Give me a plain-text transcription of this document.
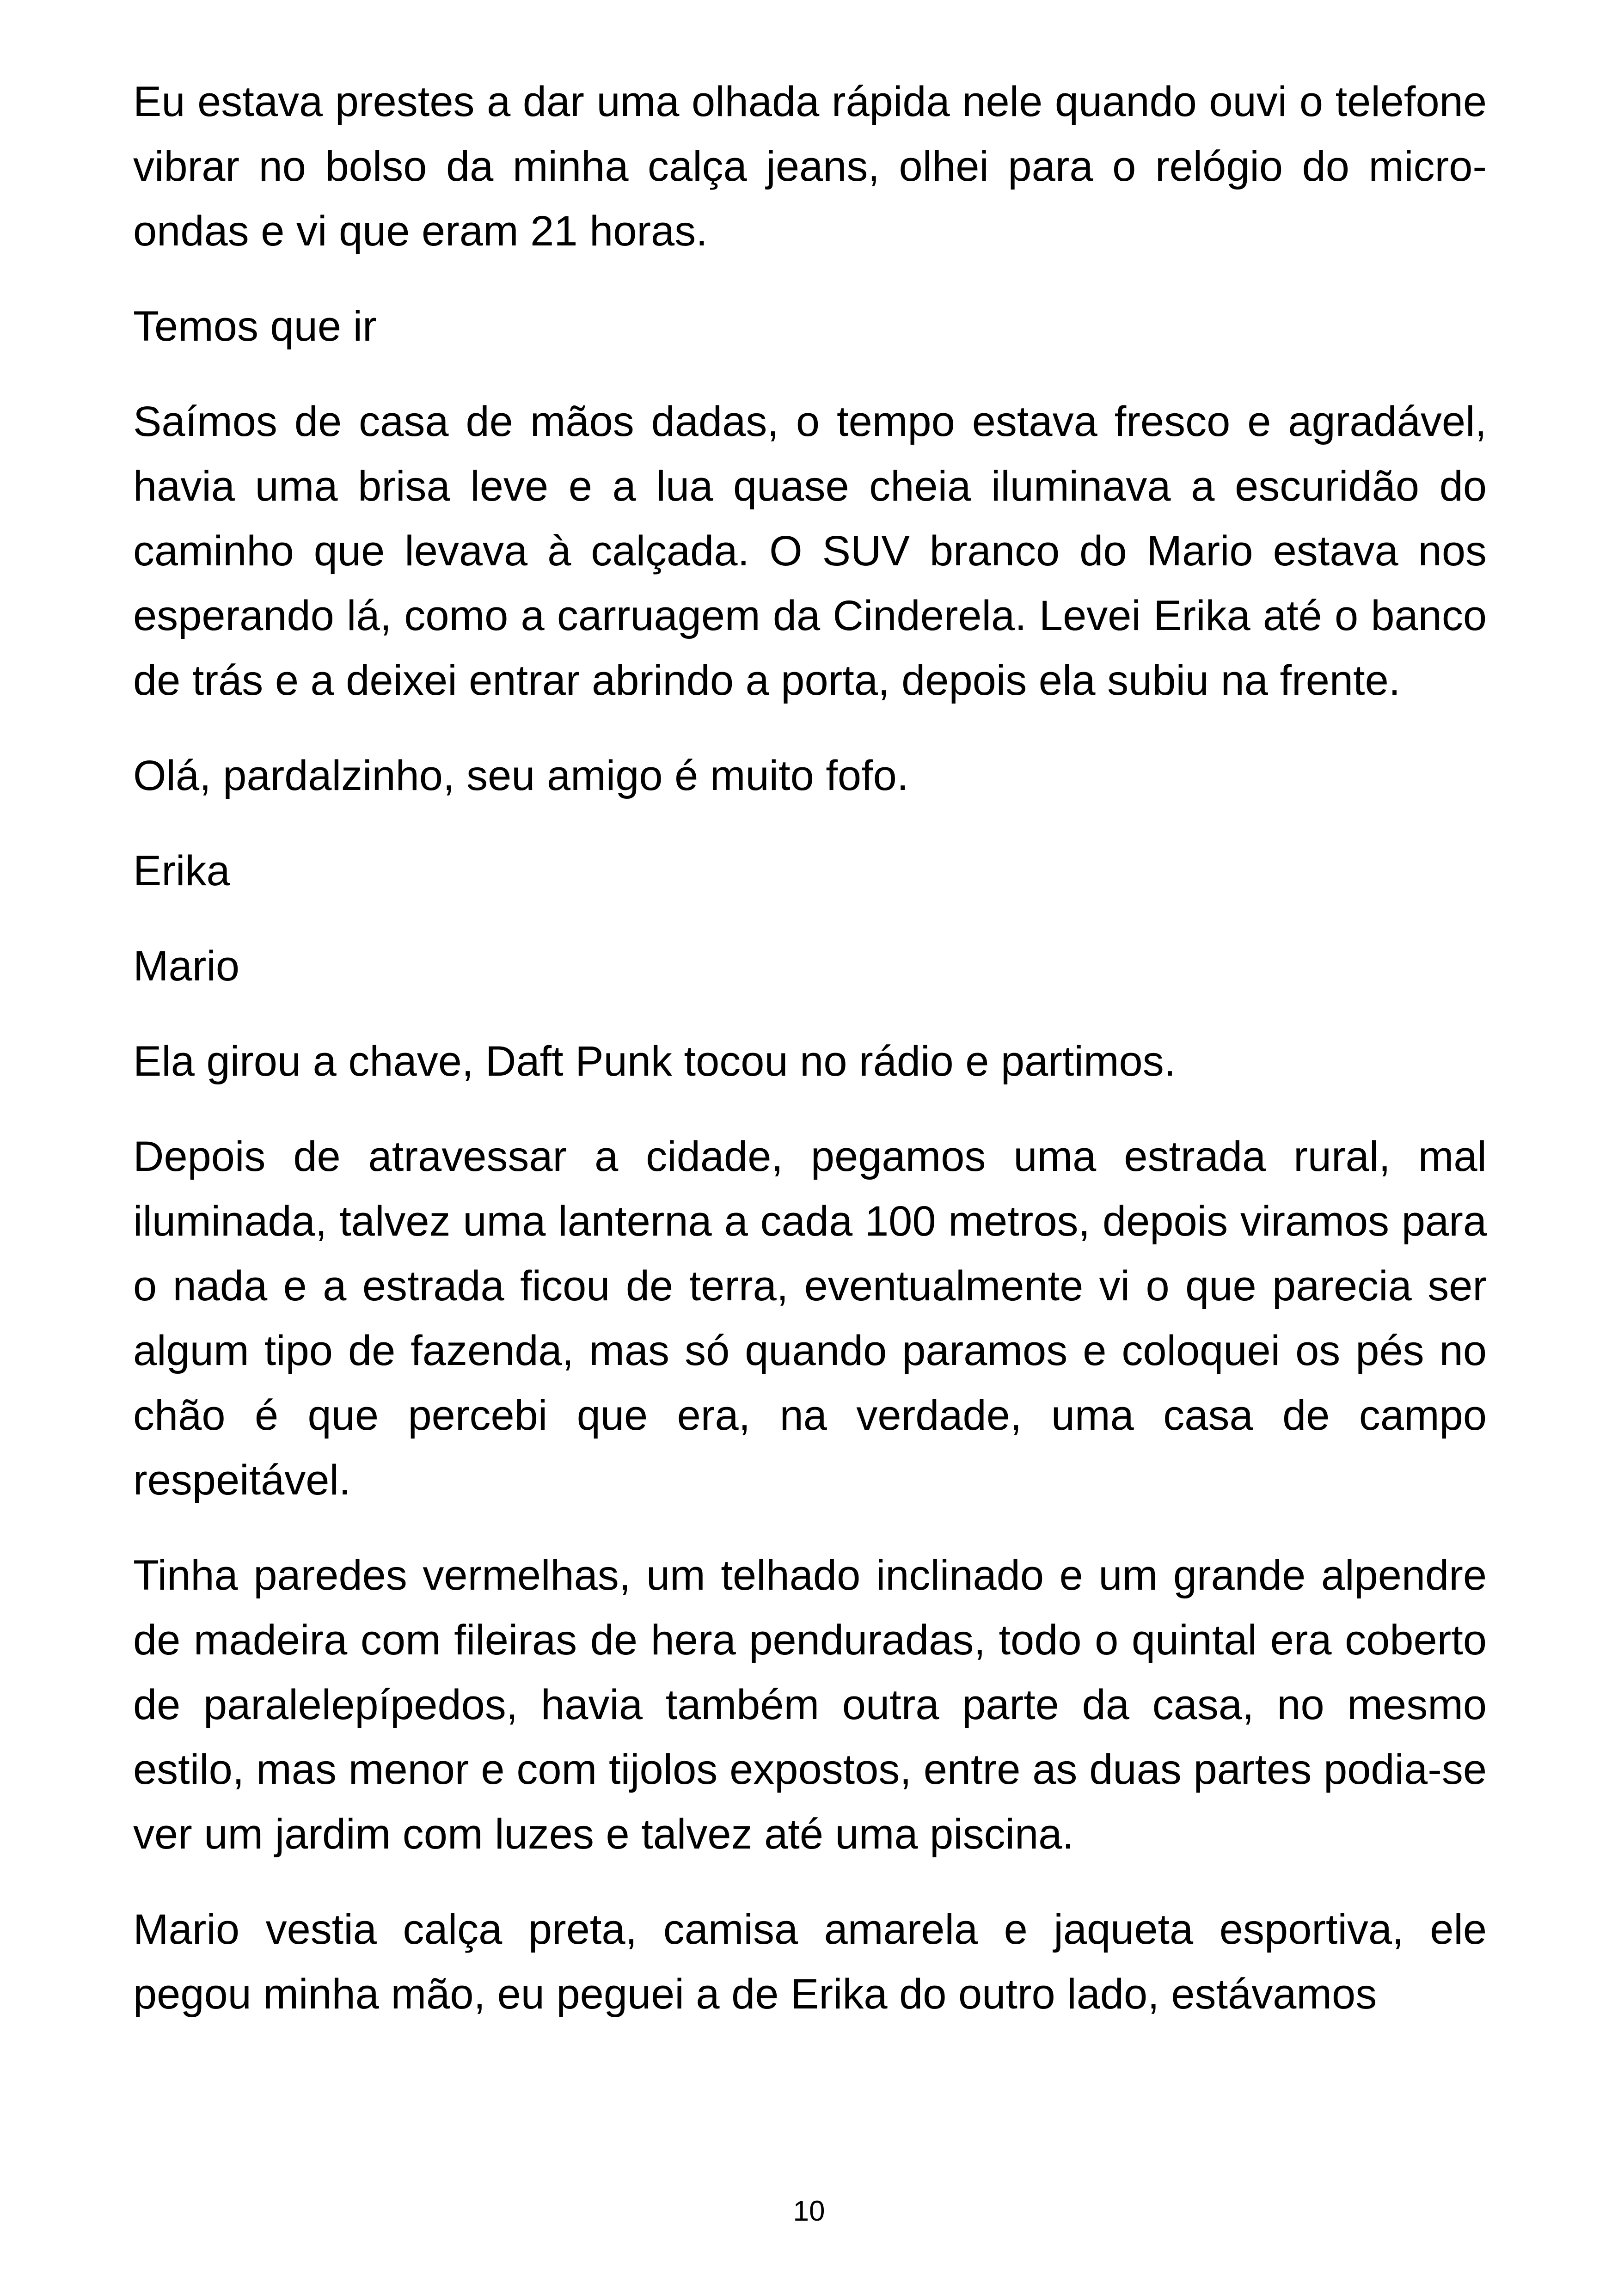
Eu estava prestes a dar uma olhada rápida nele quando ouvi o telefone vibrar no bolso da minha calça jeans, olhei para o relógio do micro-ondas e vi que eram 21 horas.

Temos que ir

Saímos de casa de mãos dadas, o tempo estava fresco e agradável, havia uma brisa leve e a lua quase cheia iluminava a escuridão do caminho que levava à calçada. O SUV branco do Mario estava nos esperando lá, como a carruagem da Cinderela. Levei Erika até o banco de trás e a deixei entrar abrindo a porta, depois ela subiu na frente.

Olá, pardalzinho, seu amigo é muito fofo.

Erika

Mario

Ela girou a chave, Daft Punk tocou no rádio e partimos.

Depois de atravessar a cidade, pegamos uma estrada rural, mal iluminada, talvez uma lanterna a cada 100 metros, depois viramos para o nada e a estrada ficou de terra, eventualmente vi o que parecia ser algum tipo de fazenda, mas só quando paramos e coloquei os pés no chão é que percebi que era, na verdade, uma casa de campo respeitável.

Tinha paredes vermelhas, um telhado inclinado e um grande alpendre de madeira com fileiras de hera penduradas, todo o quintal era coberto de paralelepípedos, havia também outra parte da casa, no mesmo estilo, mas menor e com tijolos expostos, entre as duas partes podia-se ver um jardim com luzes e talvez até uma piscina.

Mario vestia calça preta, camisa amarela e jaqueta esportiva, ele pegou minha mão, eu peguei a de Erika do outro lado, estávamos

10
